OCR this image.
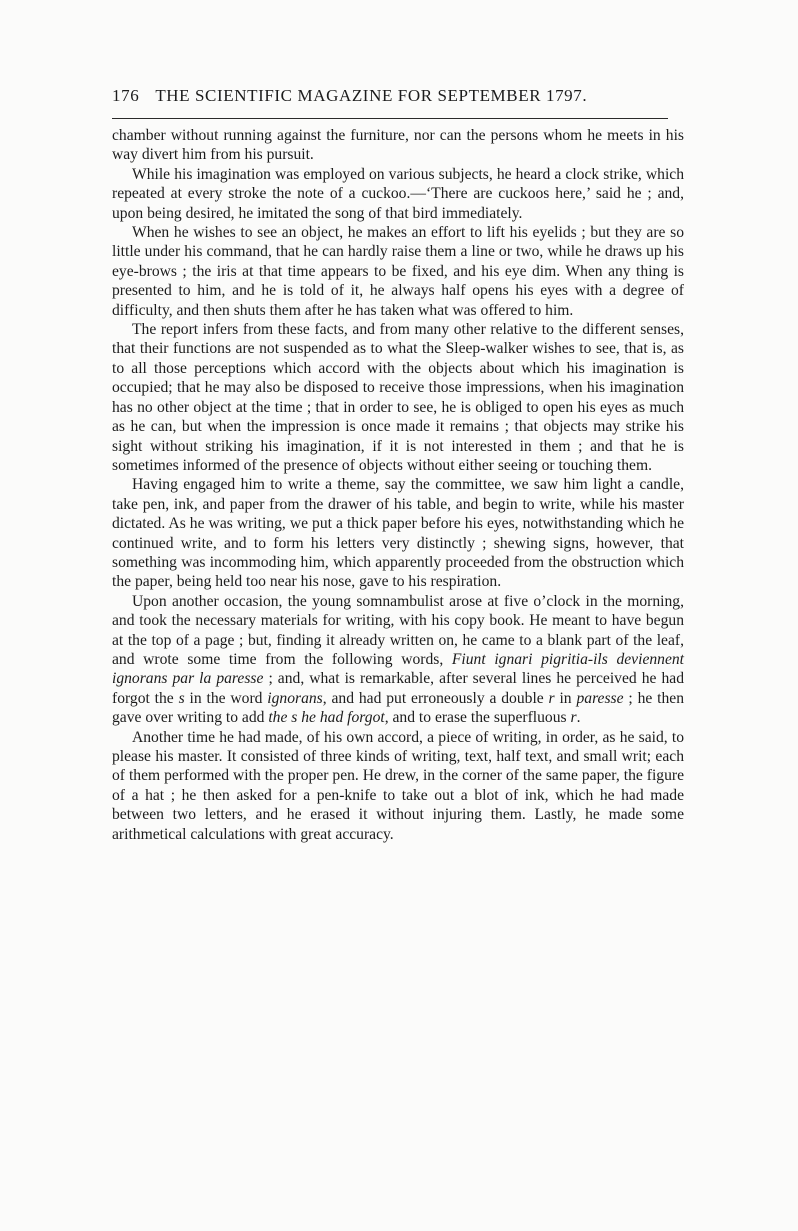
176 THE SCIENTIFIC MAGAZINE FOR SEPTEMBER 1797.

chamber without running against the furniture, nor can the persons whom he meets in his way divert him from his pursuit.

While his imagination was employed on various subjects, he heard a clock strike, which repeated at every stroke the note of a cuckoo.—‘There are cuckoos here,’ said he ; and, upon being desired, he imitated the song of that bird immediately.

When he wishes to see an object, he makes an effort to lift his eyelids ; but they are so little under his command, that he can hardly raise them a line or two, while he draws up his eye-brows ; the iris at that time appears to be fixed, and his eye dim. When any thing is presented to him, and he is told of it, he always half opens his eyes with a degree of difficulty, and then shuts them after he has taken what was offered to him.

The report infers from these facts, and from many other relative to the different senses, that their functions are not suspended as to what the Sleep-walker wishes to see, that is, as to all those perceptions which accord with the objects about which his imagination is occupied; that he may also be disposed to receive those impressions, when his imagination has no other object at the time ; that in order to see, he is obliged to open his eyes as much as he can, but when the impression is once made it remains ; that objects may strike his sight without striking his imagination, if it is not interested in them ; and that he is sometimes informed of the presence of objects without either seeing or touching them.

Having engaged him to write a theme, say the committee, we saw him light a candle, take pen, ink, and paper from the drawer of his table, and begin to write, while his master dictated. As he was writing, we put a thick paper before his eyes, notwithstanding which he continued write, and to form his letters very distinctly ; shewing signs, however, that something was incommoding him, which apparently proceeded from the obstruction which the paper, being held too near his nose, gave to his respiration.

Upon another occasion, the young somnambulist arose at five o’clock in the morning, and took the necessary materials for writing, with his copy book. He meant to have begun at the top of a page ; but, finding it already written on, he came to a blank part of the leaf, and wrote some time from the following words, Fiunt ignari pigritia-ils deviennent ignorans par la paresse ; and, what is remarkable, after several lines he perceived he had forgot the s in the word ignorans, and had put erroneously a double r in paresse ; he then gave over writing to add the s he had forgot, and to erase the superfluous r.

Another time he had made, of his own accord, a piece of writing, in order, as he said, to please his master. It consisted of three kinds of writing, text, half text, and small writ; each of them performed with the proper pen. He drew, in the corner of the same paper, the figure of a hat ; he then asked for a pen-knife to take out a blot of ink, which he had made between two letters, and he erased it without injuring them. Lastly, he made some arithmetical calculations with great accuracy.
